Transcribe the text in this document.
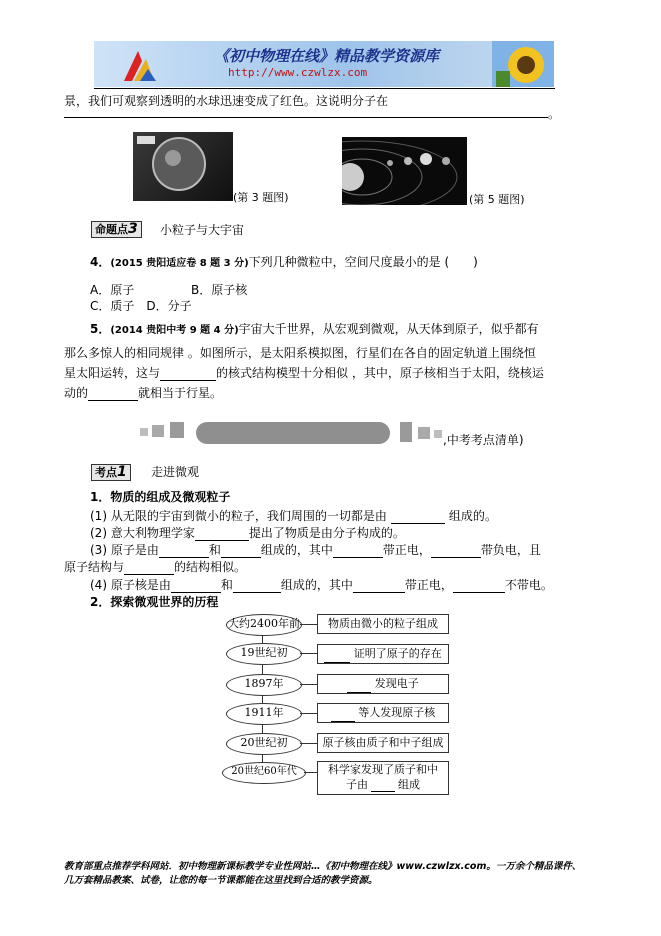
《初中物理在线》精品教学资源库
http://www.czwlzx.com
景，我们可观察到透明的水球迅速变成了红色。这说明分子在
。
(第 3 题图)	(第 5 题图)
命题点3	小粒子与大宇宙
4．(2015 贵阳适应卷 8 题 3 分)下列几种微粒中，空间尺度最小的是 (　　)
A．原子	B．原子核
C．质子　D．分子
5．(2014 贵阳中考 9 题 4 分)宇宙大千世界，从宏观到微观，从天体到原子，似乎都有
那么多惊人的相同规律 。如图所示，是太阳系模拟图，行星们在各自的固定轨道上围绕恒
星太阳运转，这与	的核式结构模型十分相似 ，其中，原子核相当于太阳，绕核运
动的	就相当于行星。
,中考考点清单)
考点1	走进微观
1．物质的组成及微观粒子
(1) 从无限的宇宙到微小的粒子，我们周围的一切都是由	组成的。
(2) 意大利物理学家	提出了物质是由分子构成的。
(3) 原子是由	和	组成的，其中	带正电，	带负电，且
原子结构与	的结构相似。
(4) 原子核是由	和	组成的，其中	带正电，	不带电。
2．探索微观世界的历程
大约2400年前	物质由微小的粒子组成
19世纪初	证明了原子的存在
1897年	发现电子
1911年	等人发现原子核
20世纪初	原子核由质子和中子组成
20世纪60年代	科学家发现了质子和中
子由	组成
教育部重点推荐学科网站．初中物理新课标教学专业性网站…《初中物理在线》www.czwlzx.com。一万余个精品课件、
几万套精品教案、试卷，让您的每一节课都能在这里找到合适的教学资源。
